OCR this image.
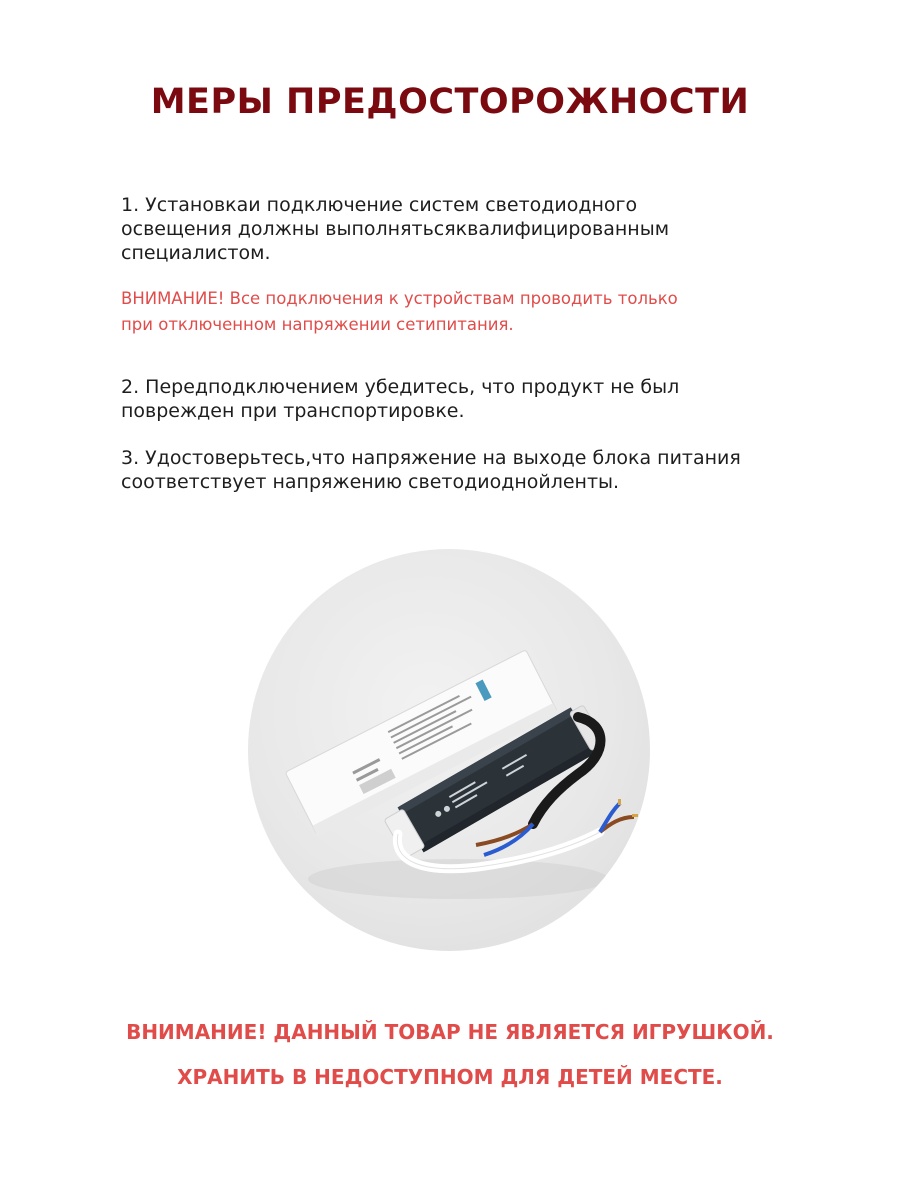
МЕРЫ ПРЕДОСТОРОЖНОСТИ
1. Установкаи подключение систем светодиодного
освещения должны выполнятьсяквалифицированным
специалистом.
ВНИМАНИЕ! Все подключения к устройствам проводить только
при отключенном напряжении сетипитания.
2. Передподключением убедитесь, что продукт не был
поврежден при транспортировке.
3. Удостоверьтесь,что напряжение на выходе блока питания
соответствует напряжению светодиоднойленты.
ВНИМАНИЕ! ДАННЫЙ ТОВАР НЕ ЯВЛЯЕТСЯ ИГРУШКОЙ.
ХРАНИТЬ В НЕДОСТУПНОМ ДЛЯ ДЕТЕЙ МЕСТЕ.
